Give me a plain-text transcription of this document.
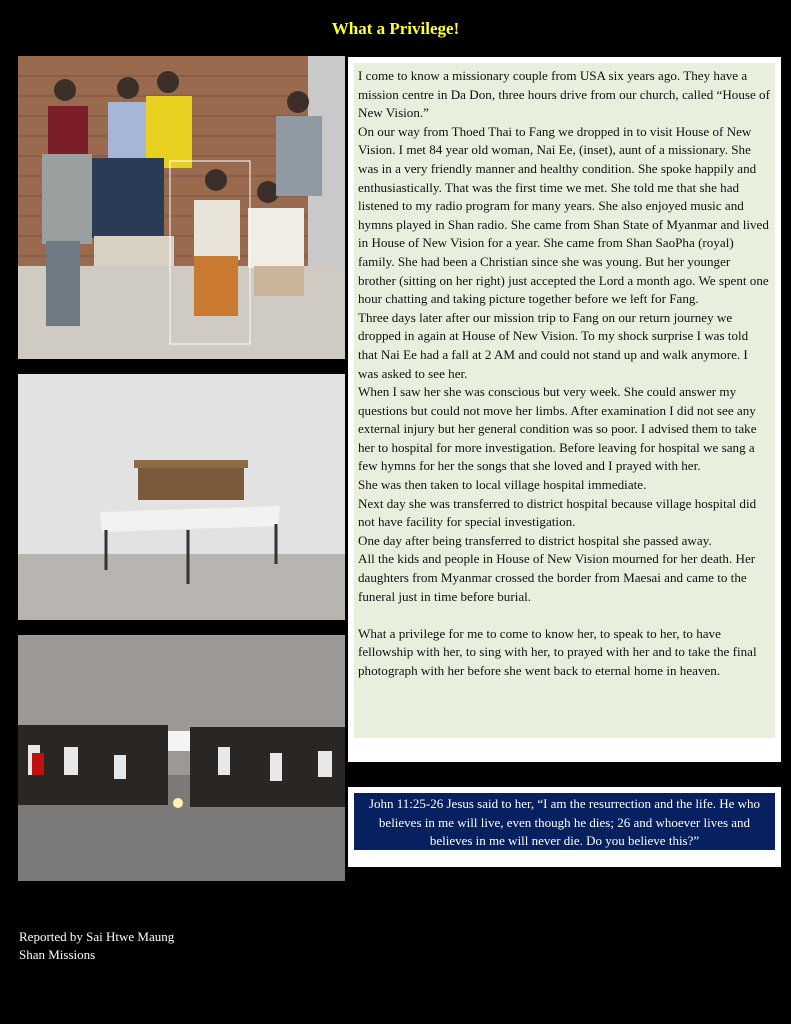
What a Privilege!

I come to know a missionary couple from USA six years ago. They have a mission centre in Da Don, three hours drive from our church, called “House of New Vision.”

On our way from Thoed Thai to Fang we dropped in to visit House of New Vision. I met 84 year old woman, Nai Ee, (inset), aunt of a missionary. She was in a very friendly manner and healthy condition. She spoke happily and enthusiastically. That was the first time we met. She told me that she had listened to my radio program for many years. She also enjoyed music and hymns played in Shan radio. She came from Shan State of Myanmar and lived in House of New Vision for a year. She came from Shan SaoPha (royal) family. She had been a Christian since she was young. But her younger brother (sitting on her right) just accepted the Lord a month ago. We spent one hour chatting and taking picture together before we left for Fang.

Three days later after our mission trip to Fang on our return journey we dropped in again at House of New Vision. To my shock surprise I was told that Nai Ee had a fall at 2 AM and could not stand up and walk anymore. I was asked to see her.

When I saw her she was conscious but very week. She could answer my questions but could not move her limbs. After examination I did not see any external injury but her general condition was so poor. I advised them to take her to hospital for more investigation. Before leaving for hospital we sang a few hymns for her the songs that she loved and I prayed with her.

She was then taken to local village hospital immediate.

Next day she was transferred to district hospital because village hospital did not have facility for special investigation.

One day after being transferred to district hospital she passed away.

All the kids and people in House of New Vision mourned for her death. Her daughters from Myanmar crossed the border from Maesai and came to the funeral just in time before burial.

What a privilege for me to come to know her, to speak to her, to have fellowship with her, to sing with her, to prayed with her and to take the final photograph with her before she went back to eternal home in heaven.

John 11:25-26 Jesus said to her, “I am the resurrection and the life. He who believes in me will live, even though he dies; 26 and whoever lives and believes in me will never die. Do you believe this?”
Reported by Sai Htwe Maung
Shan Missions
